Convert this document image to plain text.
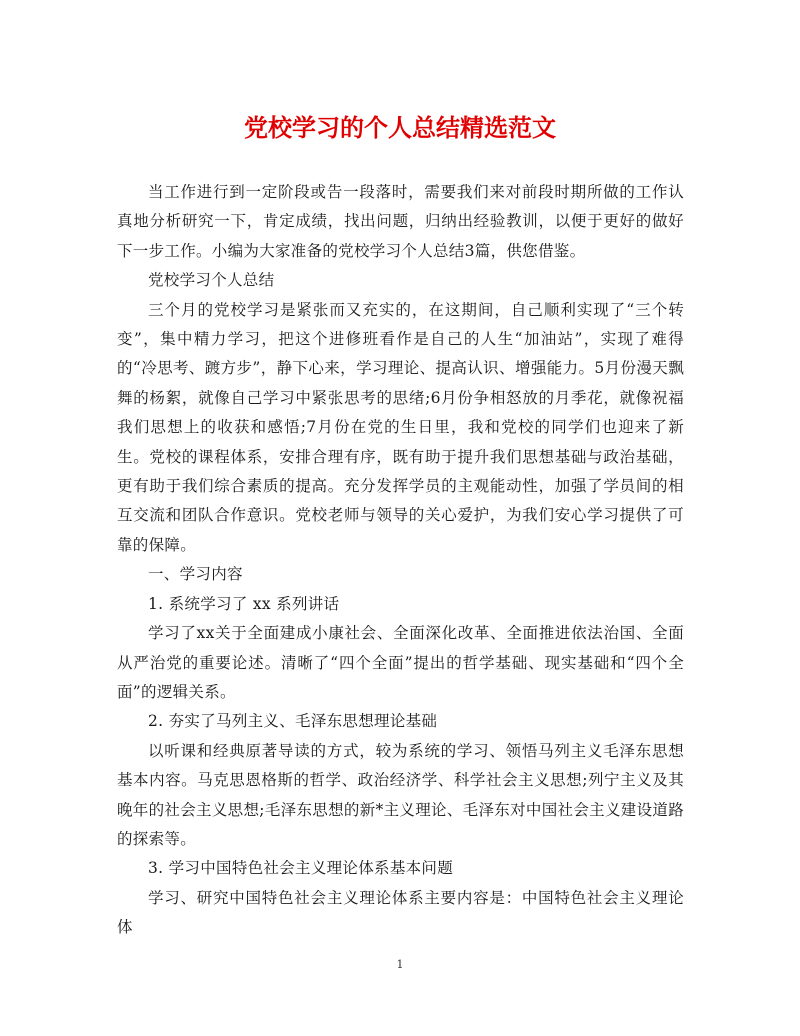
党校学习的个人总结精选范文

当工作进行到一定阶段或告一段落时，需要我们来对前段时期所做的工作认真地分析研究一下，肯定成绩，找出问题，归纳出经验教训，以便于更好的做好下一步工作。小编为大家准备的党校学习个人总结3篇，供您借鉴。

党校学习个人总结

三个月的党校学习是紧张而又充实的，在这期间，自己顺利实现了“三个转变”，集中精力学习，把这个进修班看作是自己的人生“加油站”，实现了难得的“冷思考、踱方步”，静下心来，学习理论、提高认识、增强能力。5月份漫天飘舞的杨絮，就像自己学习中紧张思考的思绪;6月份争相怒放的月季花，就像祝福我们思想上的收获和感悟;7月份在党的生日里，我和党校的同学们也迎来了新生。党校的课程体系，安排合理有序，既有助于提升我们思想基础与政治基础，更有助于我们综合素质的提高。充分发挥学员的主观能动性，加强了学员间的相互交流和团队合作意识。党校老师与领导的关心爱护，为我们安心学习提供了可靠的保障。

一、学习内容

1. 系统学习了 xx 系列讲话

学习了xx关于全面建成小康社会、全面深化改革、全面推进依法治国、全面从严治党的重要论述。清晰了“四个全面”提出的哲学基础、现实基础和“四个全面”的逻辑关系。

2. 夯实了马列主义、毛泽东思想理论基础

以听课和经典原著导读的方式，较为系统的学习、领悟马列主义毛泽东思想基本内容。马克思恩格斯的哲学、政治经济学、科学社会主义思想;列宁主义及其晚年的社会主义思想;毛泽东思想的新*主义理论、毛泽东对中国社会主义建设道路的探索等。

3. 学习中国特色社会主义理论体系基本问题

学习、研究中国特色社会主义理论体系主要内容是：中国特色社会主义理论体

1
